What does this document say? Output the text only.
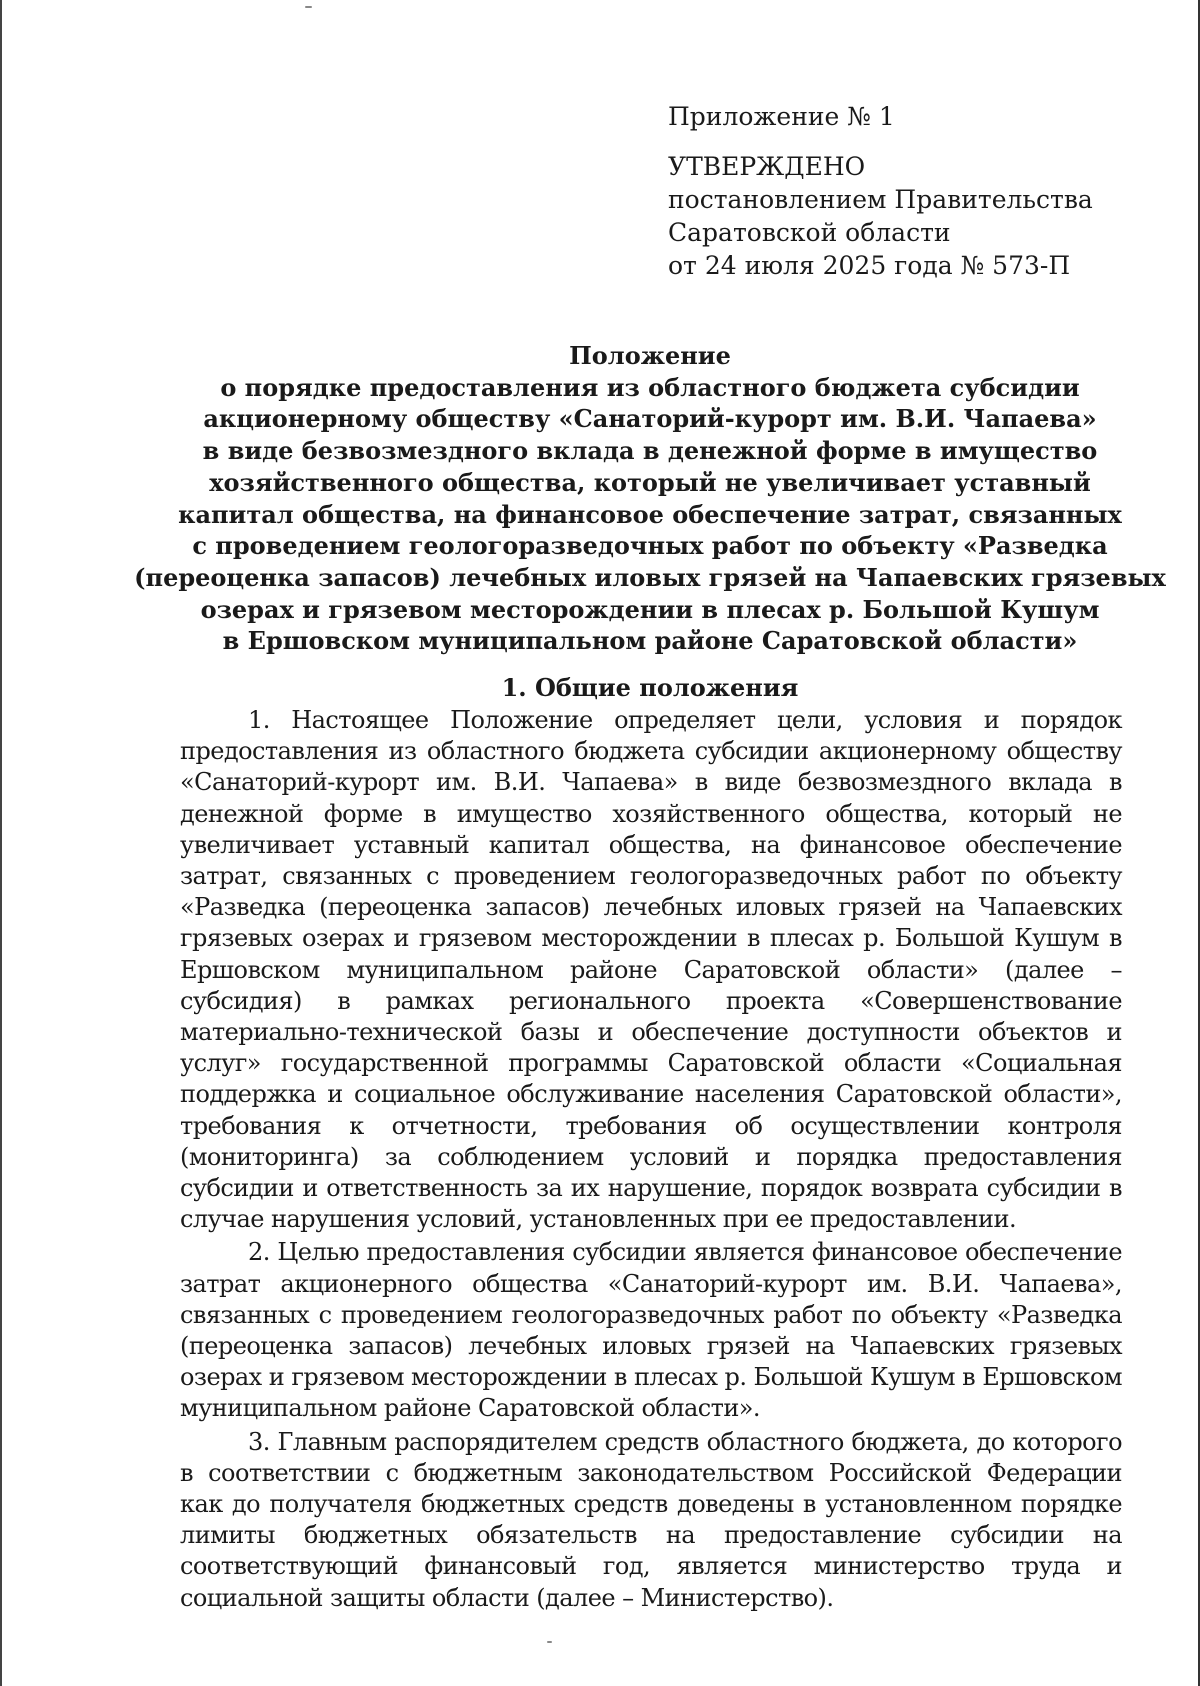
Приложение № 1
УТВЕРЖДЕНО
постановлением Правительства
Саратовской области
от 24 июля 2025 года № 573-П
Положение
о порядке предоставления из областного бюджета субсидии
акционерному обществу «Санаторий-курорт им. В.И. Чапаева»
в виде безвозмездного вклада в денежной форме в имущество
хозяйственного общества, который не увеличивает уставный
капитал общества, на финансовое обеспечение затрат, связанных
с проведением геологоразведочных работ по объекту «Разведка
(переоценка запасов) лечебных иловых грязей на Чапаевских грязевых
озерах и грязевом месторождении в плесах р. Большой Кушум
в Ершовском муниципальном районе Саратовской области»
1. Общие положения

1. Настоящее Положение определяет цели, условия и порядок предоставления из областного бюджета субсидии акционерному обществу «Санаторий-курорт им. В.И. Чапаева» в виде безвозмездного вклада в денежной форме в имущество хозяйственного общества, который не увеличивает уставный капитал общества, на финансовое обеспечение затрат, связанных с проведением геологоразведочных работ по объекту «Разведка (переоценка запасов) лечебных иловых грязей на Чапаевских грязевых озерах и грязевом месторождении в плесах р. Большой Кушум в Ершовском муниципальном районе Саратовской области» (далее – субсидия) в рамках регионального проекта «Совершенствование материально-технической базы и обеспечение доступности объектов и услуг» государственной программы Саратовской области «Социальная поддержка и социальное обслуживание населения Саратовской области», требования к отчетности, требования об осуществлении контроля (мониторинга) за соблюдением условий и порядка предоставления субсидии и ответственность за их нарушение, порядок возврата субсидии в случае нарушения условий, установленных при ее предоставлении.

2. Целью предоставления субсидии является финансовое обеспечение затрат акционерного общества «Санаторий-курорт им. В.И. Чапаева», связанных с проведением геологоразведочных работ по объекту «Разведка (переоценка запасов) лечебных иловых грязей на Чапаевских грязевых озерах и грязевом месторождении в плесах р. Большой Кушум в Ершовском муниципальном районе Саратовской области».

3. Главным распорядителем средств областного бюджета, до которого в соответствии с бюджетным законодательством Российской Федерации как до получателя бюджетных средств доведены в установленном порядке лимиты бюджетных обязательств на предоставление субсидии на соответствующий финансовый год, является министерство труда и социальной защиты области (далее – Министерство).
